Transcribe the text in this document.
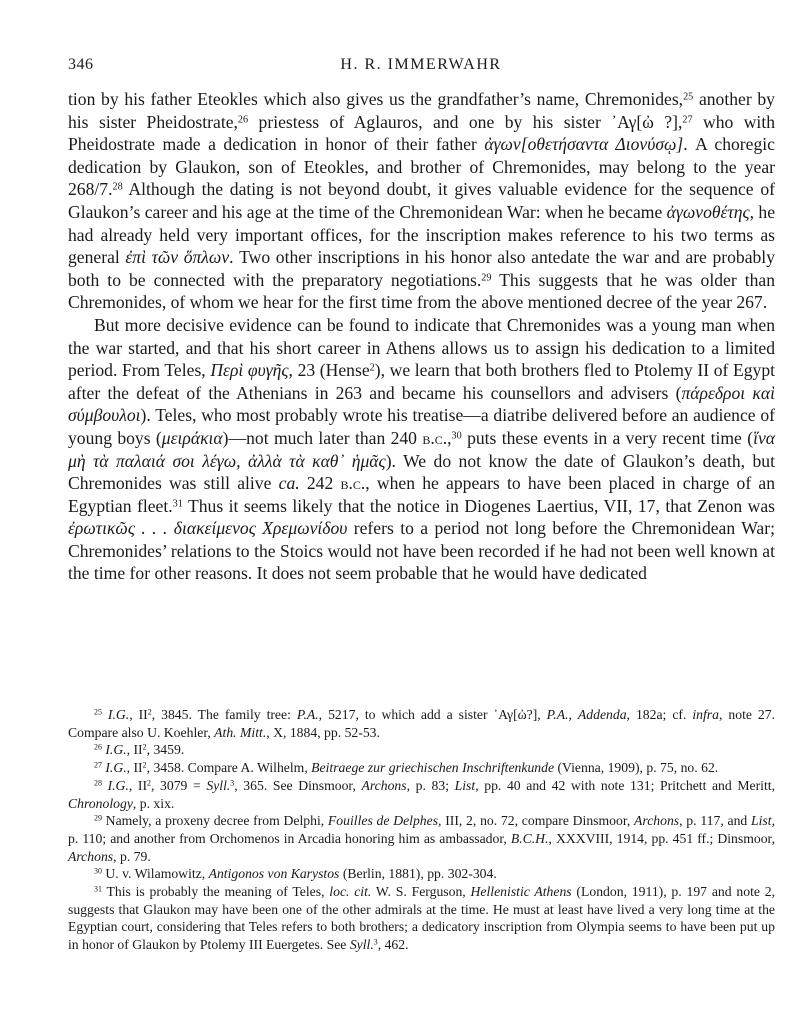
346	H. R. IMMERWAHR

tion by his father Eteokles which also gives us the grandfather’s name, Chremonides,$^{25}$ another by his sister Pheidostrate,$^{26}$ priestess of Aglauros, and one by his sister ᾽Αγ[ὠ ?],$^{27}$ who with Pheidostrate made a dedication in honor of their father ἀγων[οθετήσαντα Διονύσῳ]. A choregic dedication by Glaukon, son of Eteokles, and brother of Chremonides, may belong to the year 268/7.28 Although the dating is not beyond doubt, it gives valuable evidence for the sequence of Glaukon’s career and his age at the time of the Chremonidean War: when he became ἀγωνοθέτης, he had already held very important offices, for the inscription makes reference to his two terms as general ἐπὶ τῶν ὅπλων. Two other inscriptions in his honor also antedate the war and are probably both to be connected with the preparatory negotiations.$^{29}$ This suggests that he was older than Chremonides, of whom we hear for the first time from the above mentioned decree of the year 267.

But more decisive evidence can be found to indicate that Chremonides was a young man when the war started, and that his short career in Athens allows us to assign his dedication to a limited period. From Teles, Περὶ φυγῆς, 23 (Hense$^2$), we learn that both brothers fled to Ptolemy II of Egypt after the defeat of the Athenians in 263 and became his counsellors and advisers (πάρεδροι καὶ σύμβουλοι). Teles, who most probably wrote his treatise—a diatribe delivered before an audience of young boys (μειράκια)—not much later than 240 b.c.,$^{30}$ puts these events in a very recent time (ἵνα μὴ τὰ παλαιά σοι λέγω, ἀλλὰ τὰ καθ᾽ ἡμᾶς). We do not know the date of Glaukon’s death, but Chremonides was still alive ca. 242 b.c., when he appears to have been placed in charge of an Egyptian fleet.$^{31}$ Thus it seems likely that the notice in Diogenes Laertius, VII, 17, that Zenon was ἐρωτικῶς . . . διακείμενος Χρεμωνίδου refers to a period not long before the Chremonidean War; Chremonides’ relations to the Stoics would not have been recorded if he had not been well known at the time for other reasons. It does not seem probable that he would have dedicated

$^{25}$ I.G., $II^2$, 3845. The family tree: P.A., 5217, to which add a sister ᾽Αγ[ὠ?], P.A., Addenda, 182a; cf. infra, note 27. Compare also U. Koehler, Ath. Mitt., X, 1884, pp. 52-53.

$^{26}$ I.G., $II^2$, 3459.

$^{27}$ I.G., $II^2$, 3458. Compare A. Wilhelm, Beitraege zur griechischen Inschriftenkunde (Vienna, 1909), p. 75, no. 62.

$^{28}$ I.G., $II^2$, 3079 = Syll.$^3$, 365. See Dinsmoor, Archons, p. 83; List, pp. 40 and 42 with note 131; Pritchett and Meritt, Chronology, p. xix.

$^{29}$ Namely, a proxeny decree from Delphi, Fouilles de Delphes, III, 2, no. 72, compare Dinsmoor, Archons, p. 117, and List, p. 110; and another from Orchomenos in Arcadia honoring him as ambassador, B.C.H., XXXVIII, 1914, pp. 451 ff.; Dinsmoor, Archons, p. 79.

$^{30}$ U. v. Wilamowitz, Antigonos von Karystos (Berlin, 1881), pp. 302-304.

$^{31}$ This is probably the meaning of Teles, loc. cit. W. S. Ferguson, Hellenistic Athens (London, 1911), p. 197 and note 2, suggests that Glaukon may have been one of the other admirals at the time. He must at least have lived a very long time at the Egyptian court, considering that Teles refers to both brothers; a dedicatory inscription from Olympia seems to have been put up in honor of Glaukon by Ptolemy III Euergetes. See Syll.$^3$, 462.
